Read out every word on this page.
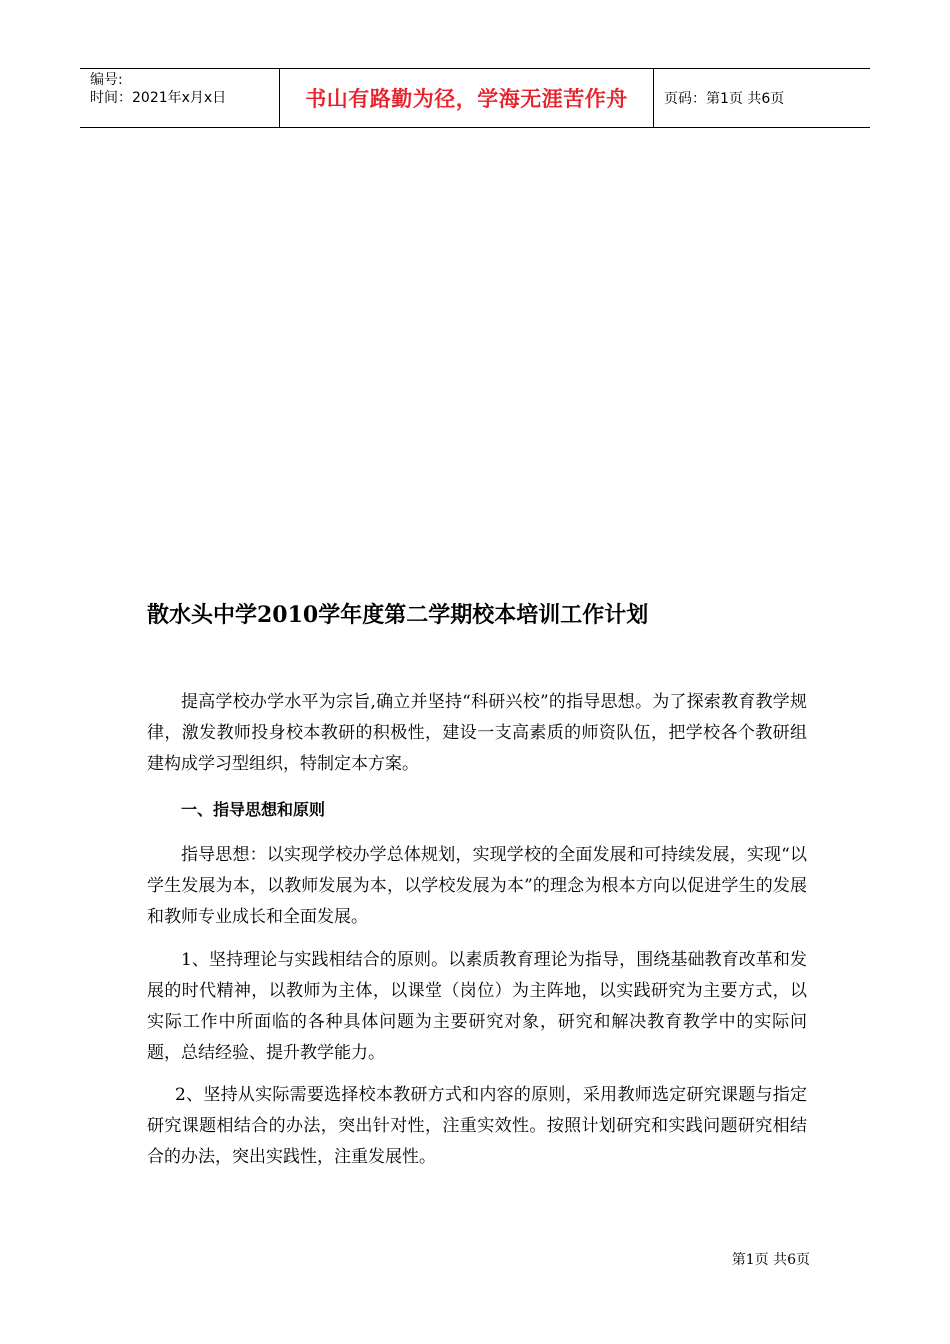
编号:
时间：2021年x月x日	书山有路勤为径，学海无涯苦作舟	页码：第1页 共6页
散水头中学2010学年度第二学期校本培训工作计划

提高学校办学水平为宗旨,确立并坚持“科研兴校”的指导思想。为了探索教育教学规律，激发教师投身校本教研的积极性，建设一支高素质的师资队伍，把学校各个教研组建构成学习型组织，特制定本方案。

一、指导思想和原则

指导思想：以实现学校办学总体规划，实现学校的全面发展和可持续发展，实现“以学生发展为本，以教师发展为本，以学校发展为本”的理念为根本方向以促进学生的发展和教师专业成长和全面发展。

1、坚持理论与实践相结合的原则。以素质教育理论为指导，围绕基础教育改革和发展的时代精神，以教师为主体，以课堂（岗位）为主阵地，以实践研究为主要方式，以实际工作中所面临的各种具体问题为主要研究对象，研究和解决教育教学中的实际问题，总结经验、提升教学能力。

2、坚持从实际需要选择校本教研方式和内容的原则，采用教师选定研究课题与指定研究课题相结合的办法，突出针对性，注重实效性。按照计划研究和实践问题研究相结合的办法，突出实践性，注重发展性。

第1页 共6页
